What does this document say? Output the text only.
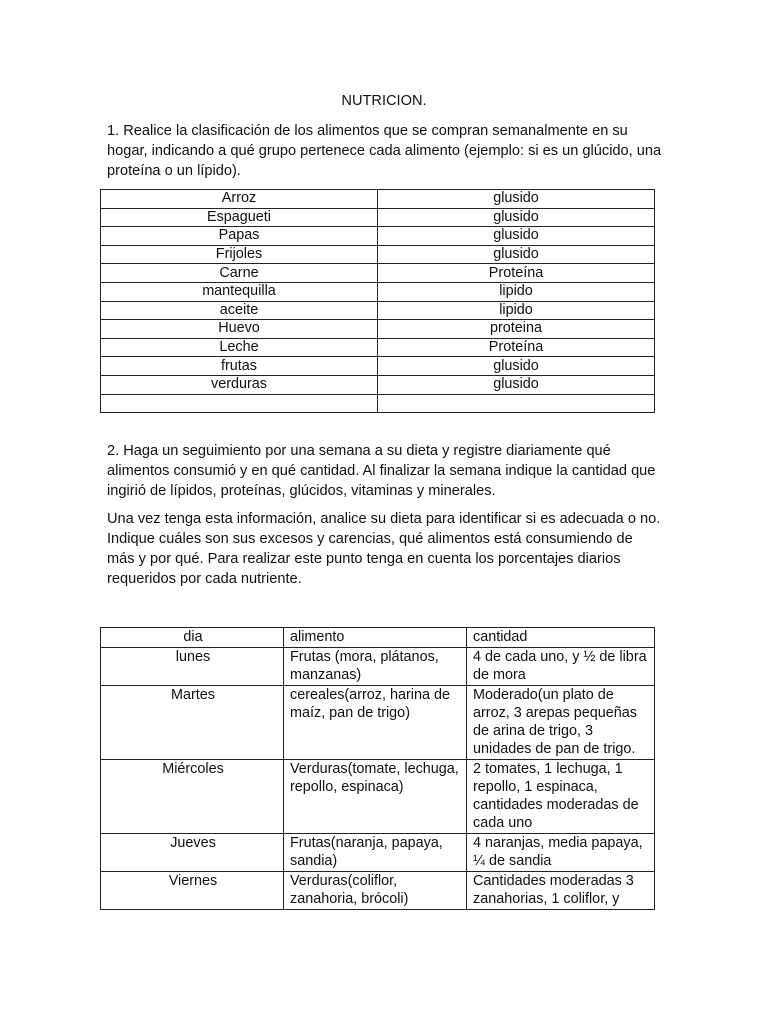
NUTRICION.

1. Realice la clasificación de los alimentos que se compran semanalmente en su hogar, indicando a qué grupo pertenece cada alimento (ejemplo: si es un glúcido, una proteína o un lípido).

Arroz	glusido
Espagueti	glusido
Papas	glusido
Frijoles	glusido
Carne	Proteína
mantequilla	lipido
aceite	lipido
Huevo	proteina
Leche	Proteína
frutas	glusido
verduras	glusido

2. Haga un seguimiento por una semana a su dieta y registre diariamente qué alimentos consumió y en qué cantidad. Al finalizar la semana indique la cantidad que ingirió de lípidos, proteínas, glúcidos, vitaminas y minerales.

Una vez tenga esta información, analice su dieta para identificar si es adecuada o no. Indique cuáles son sus excesos y carencias, qué alimentos está consumiendo de más y por qué. Para realizar este punto tenga en cuenta los porcentajes diarios requeridos por cada nutriente.

dia	alimento	cantidad
lunes	Frutas (mora, plátanos, manzanas)	4 de cada uno, y ½ de libra de mora
Martes	cereales(arroz, harina de maíz, pan de trigo)	Moderado(un plato de arroz, 3 arepas pequeñas de arina de trigo, 3 unidades de pan de trigo.
Miércoles	Verduras(tomate, lechuga, repollo, espinaca)	2 tomates, 1 lechuga, 1 repollo, 1 espinaca, cantidades moderadas de cada uno
Jueves	Frutas(naranja, papaya, sandia)	4 naranjas, media papaya, ¼ de sandia
Viernes	Verduras(coliflor, zanahoria, brócoli)	Cantidades moderadas 3 zanahorias, 1 coliflor, y
